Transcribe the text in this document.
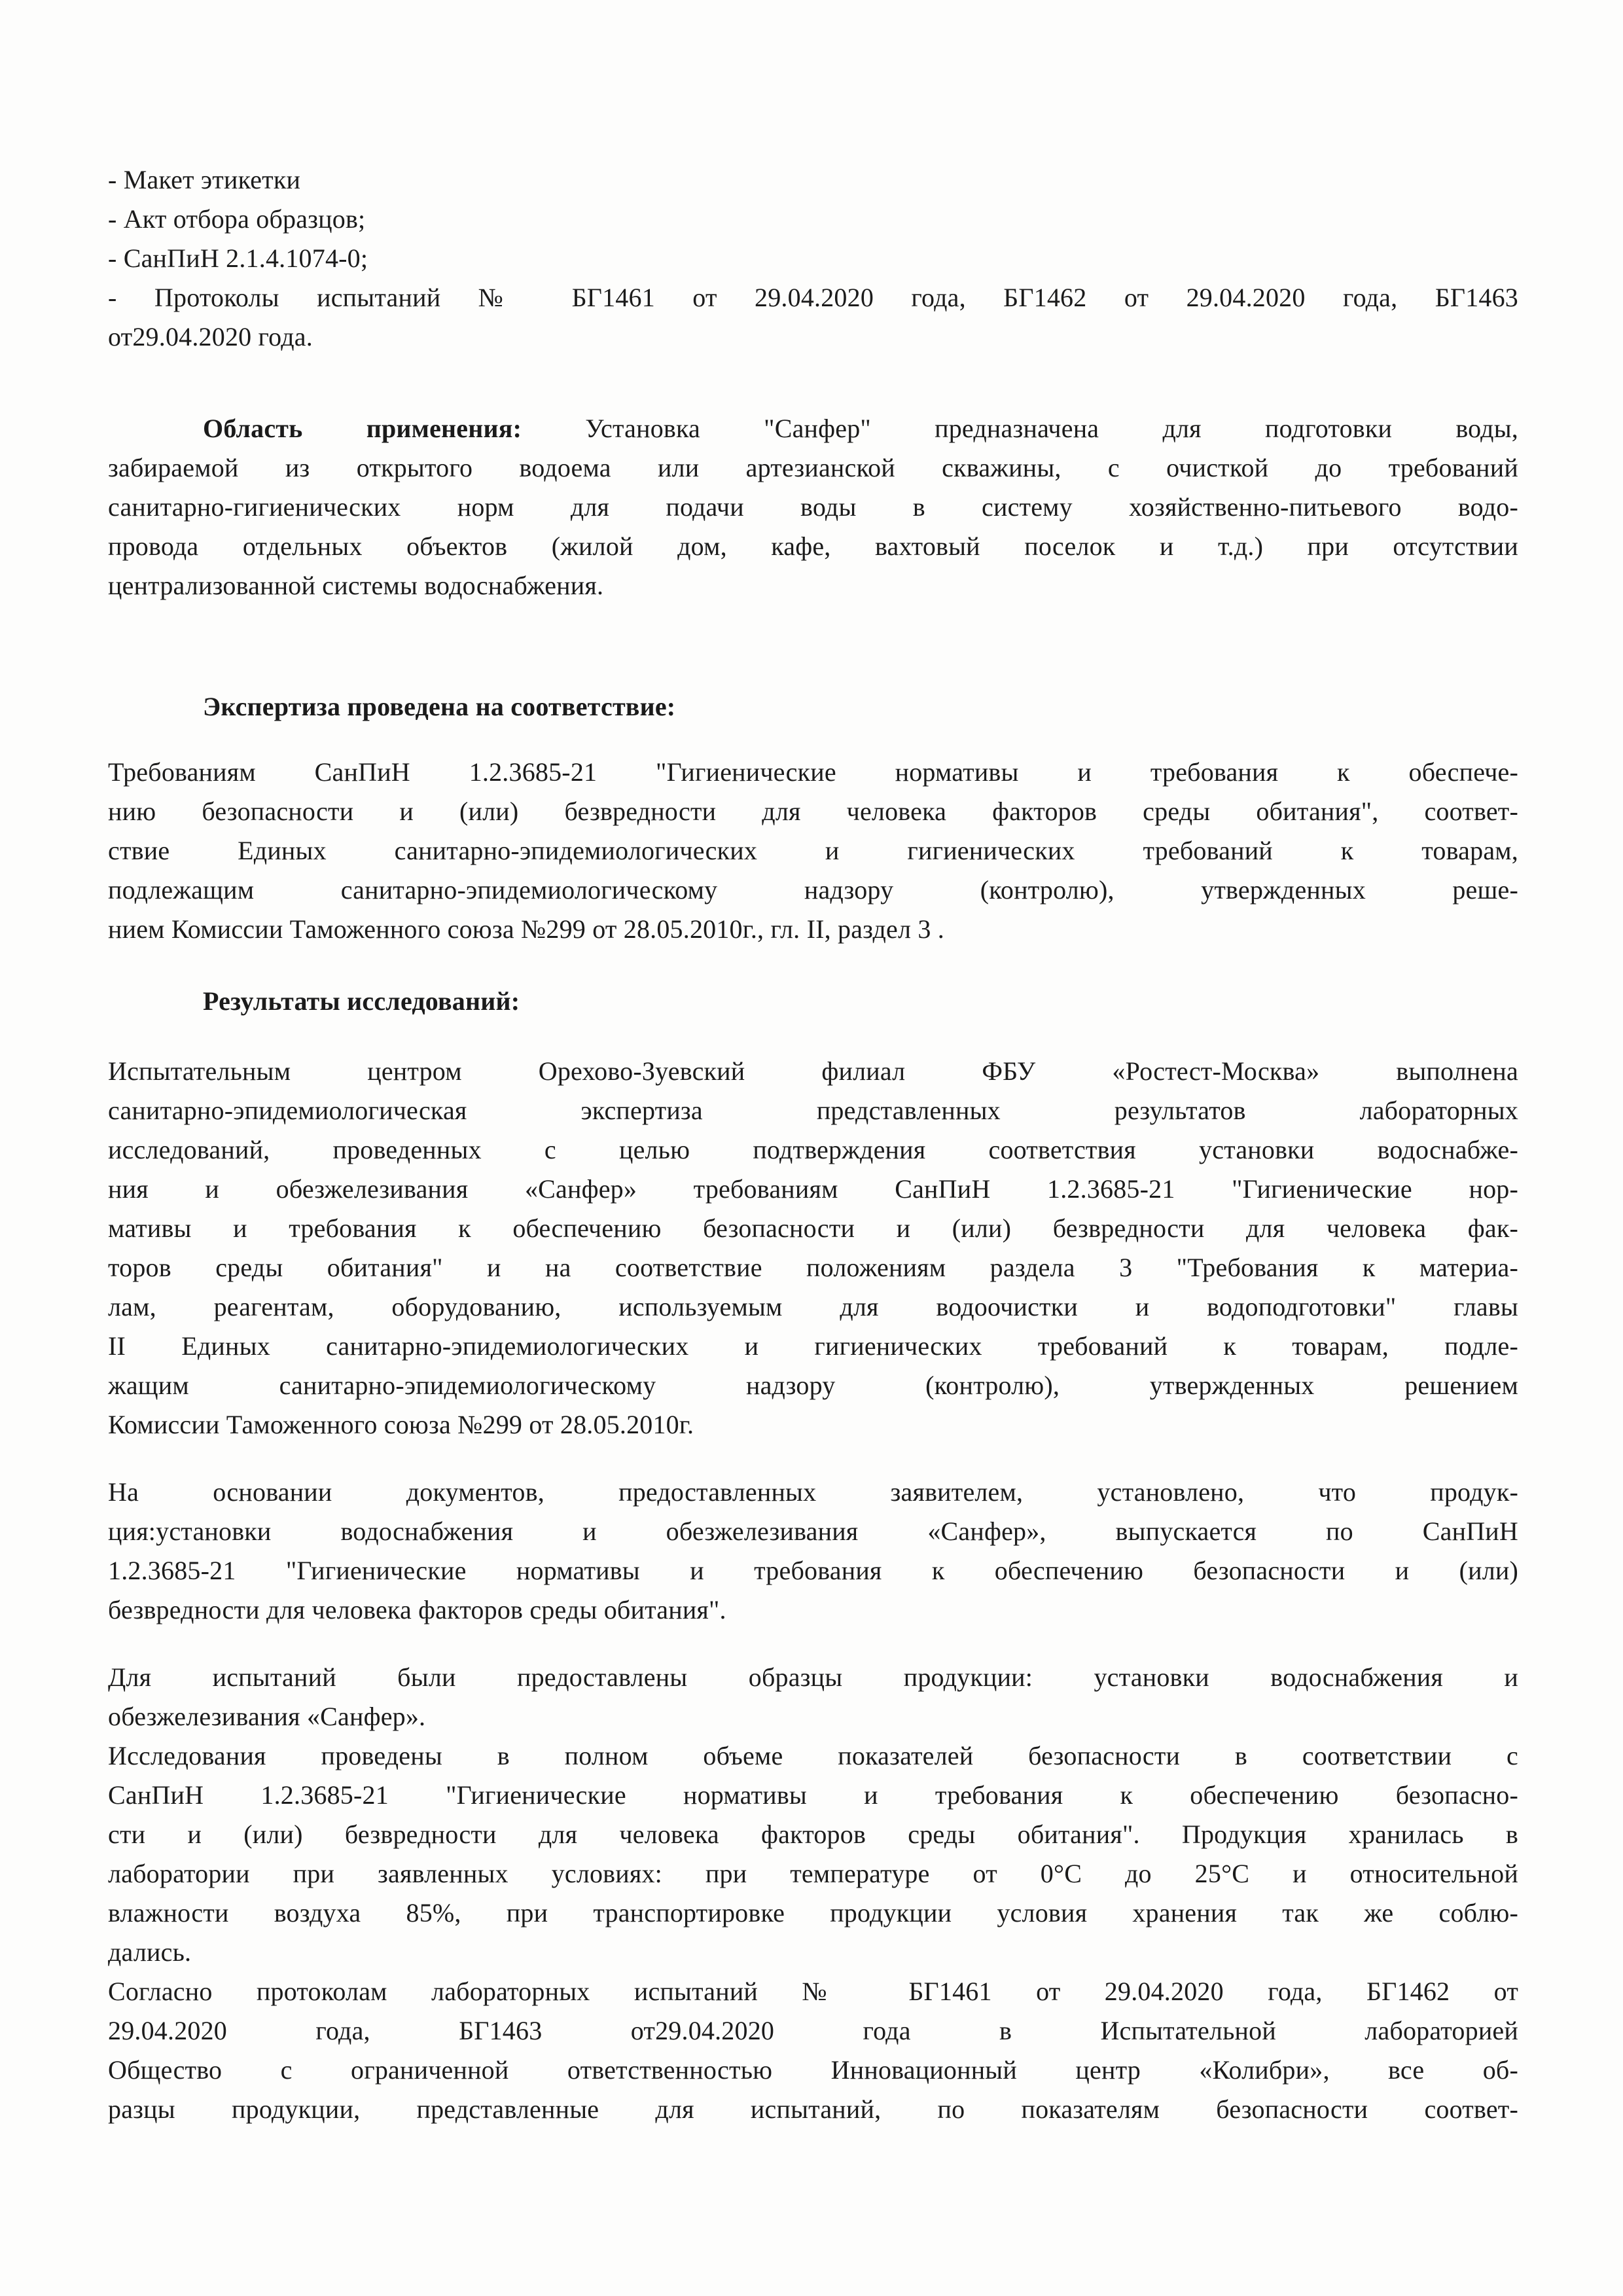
- Макет этикетки

- Акт отбора образцов;

- СанПиН 2.1.4.1074-0;

- Протоколы испытаний № БГ1461 от 29.04.2020 года, БГ1462 от 29.04.2020 года, БГ1463

от29.04.2020 года.

Область применения: Установка "Санфер" предназначена для подготовки воды,

забираемой из открытого водоема или артезианской скважины, с очисткой до требований

санитарно-гигиенических норм для подачи воды в систему хозяйственно-питьевого водо-

провода отдельных объектов (жилой дом, кафе, вахтовый поселок и т.д.) при отсутствии

централизованной системы водоснабжения.

Экспертиза проведена на соответствие:

Требованиям СанПиН 1.2.3685-21 "Гигиенические нормативы и требования к обеспече-

нию безопасности и (или) безвредности для человека факторов среды обитания", соответ-

ствие Единых санитарно-эпидемиологических и гигиенических требований к товарам,

подлежащим санитарно-эпидемиологическому надзору (контролю), утвержденных реше-

нием Комиссии Таможенного союза №299 от 28.05.2010г., гл. II, раздел 3 .

Результаты исследований:

Испытательным центром Орехово-Зуевский филиал ФБУ «Ростест-Москва» выполнена

санитарно-эпидемиологическая экспертиза представленных результатов лабораторных

исследований, проведенных с целью подтверждения соответствия установки водоснабже-

ния и обезжелезивания «Санфер» требованиям СанПиН 1.2.3685-21 "Гигиенические нор-

мативы и требования к обеспечению безопасности и (или) безвредности для человека фак-

торов среды обитания" и на соответствие положениям раздела 3 "Требования к материа-

лам, реагентам, оборудованию, используемым для водоочистки и водоподготовки" главы

II Единых санитарно-эпидемиологических и гигиенических требований к товарам, подле-

жащим санитарно-эпидемиологическому надзору (контролю), утвержденных решением

Комиссии Таможенного союза №299 от 28.05.2010г.

На основании документов, предоставленных заявителем, установлено, что продук-

ция:установки водоснабжения и обезжелезивания «Санфер», выпускается по СанПиН

1.2.3685-21 "Гигиенические нормативы и требования к обеспечению безопасности и (или)

безвредности для человека факторов среды обитания".

Для испытаний были предоставлены образцы продукции: установки водоснабжения и

обезжелезивания «Санфер».

Исследования проведены в полном объеме показателей безопасности в соответствии с

СанПиН 1.2.3685-21 "Гигиенические нормативы и требования к обеспечению безопасно-

сти и (или) безвредности для человека факторов среды обитания". Продукция хранилась в

лаборатории при заявленных условиях: при температуре от 0°С до 25°С и относительной

влажности воздуха 85%, при транспортировке продукции условия хранения так же соблю-

дались.

Согласно протоколам лабораторных испытаний № БГ1461 от 29.04.2020 года, БГ1462 от

29.04.2020 года, БГ1463 от29.04.2020 года в Испытательной лабораторией

Общество с ограниченной ответственностью Инновационный центр «Колибри», все об-

разцы продукции, представленные для испытаний, по показателям безопасности соответ-
